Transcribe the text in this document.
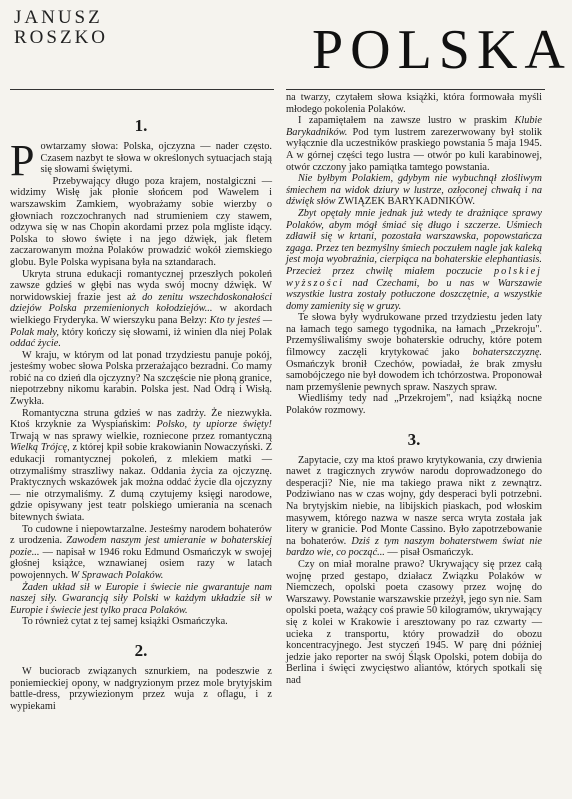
JANUSZ
ROSZKO	POLSKA
1.

Powtarzamy słowa: Polska, ojczyzna — nader często. Czasem nazbyt te słowa w określonych sytuacjach stają się słowami świętymi.

Przebywający długo poza krajem, nostalgiczni — widzimy Wisłę jak płonie słońcem pod Wawelem i warszawskim Zamkiem, wyobrażamy sobie wierzby o głowniach rozczochranych nad strumieniem czy stawem, odzywa się w nas Chopin akordami przez pola mgliste idący. Polska to słowo święte i na jego dźwięk, jak fletem zaczarowanym można Polaków prowadzić wokół ziemskiego globu. Byle Polska wypisana była na sztandarach.

Ukryta struna edukacji romantycznej przeszłych pokoleń zawsze gdzieś w głębi nas wyda swój mocny dźwięk. W norwidowskiej frazie jest aż do zenitu wszechdoskonałości dziejów Polska przemienionych kołodziejów... w akordach wielkiego Fryderyka. W wierszyku pana Bełzy: Kto ty jesteś — Polak mały, który kończy się słowami, iż winien dla niej Polak oddać życie.

W kraju, w którym od lat ponad trzydziestu panuje pokój, jesteśmy wobec słowa Polska przerażająco bezradni. Co mamy robić na co dzień dla ojczyzny? Na szczęście nie płoną granice, niepotrzebny nikomu karabin. Polska jest. Nad Odrą i Wisłą. Zwykła.

Romantyczna struna gdzieś w nas zadrży. Że niezwykła. Ktoś krzyknie za Wyspiańskim: Polsko, ty upiorze święty! Trwają w nas sprawy wielkie, rozniecone przez romantyczną Wielką Trójcę, z której kpił sobie krakowianin Nowaczyński. Z edukacji romantycznej pokoleń, z mlekiem matki — otrzymaliśmy straszliwy nakaz. Oddania życia za ojczyznę. Praktycznych wskazówek jak można oddać życie dla ojczyzny — nie otrzymaliśmy. Z dumą czytujemy księgi narodowe, gdzie opisywany jest teatr polskiego umierania na scenach bitewnych świata.

To cudowne i niepowtarzalne. Jesteśmy narodem bohaterów z urodzenia. Zawodem naszym jest umieranie w bohaterskiej pozie... — napisał w 1946 roku Edmund Osmańczyk w swojej głośnej książce, wznawianej osiem razy w latach powojennych. W Sprawach Polaków.

Żaden układ sił w Europie i świecie nie gwarantuje nam naszej siły. Gwarancją siły Polski w każdym układzie sił w Europie i świecie jest tylko praca Polaków.

To również cytat z tej samej książki Osmańczyka.

2.

W bucioracb związanych sznurkiem, na podeszwie z poniemieckiej opony, w nadgryzionym przez mole brytyjskim battle-dress, przywiezionym przez wuja z oflagu, i z wypiekami

na twarzy, czytałem słowa książki, która formowała myśli młodego pokolenia Polaków.

I zapamiętałem na zawsze lustro w praskim Klubie Barykadników. Pod tym lustrem zarezerwowany był stolik wyłącznie dla uczestników praskiego powstania 5 maja 1945. A w górnej części tego lustra — otwór po kuli karabinowej, otwór czczony jako pamiątka tamtego powstania.

Nie byłbym Polakiem, gdybym nie wybuchnął złośliwym śmiechem na widok dziury w lustrze, ozłoconej chwałą i na dźwięk słów ZWIĄZEK BARYKADNIKÓW.

Zbyt opętały mnie jednak już wtedy te drażniące sprawy Polaków, abym mógł śmiać się długo i szczerze. Uśmiech zdławił się w krtani, pozostała warszawska, popowstańcza zgaga. Przez ten bezmyślny śmiech poczułem nagle jak kaleką jest moja wyobraźnia, cierpiąca na bohaterskie elephantiasis. Przecież przez chwilę miałem poczucie polskiej wyższości nad Czechami, bo u nas w Warszawie wszystkie lustra zostały potłuczone doszczętnie, a wszystkie domy zamienity się w gruzy.

Te słowa były wydrukowane przed trzydziestu jeden laty na łamach tego samego tygodnika, na łamach „Przekroju". Przemyśliwaliśmy swoje bohaterskie odruchy, które potem filmowcy zaczęli krytykować jako bohaterszczyznę. Osmańczyk bronił Czechów, powiadał, że brak zmysłu samobójczego nie był dowodem ich tchórzostwa. Proponował nam przemyślenie pewnych spraw. Naszych spraw.

Wiedliśmy tedy nad „Przekrojem", nad książką nocne Polaków rozmowy.

3.

Zapytacie, czy ma ktoś prawo krytykowania, czy drwienia nawet z tragicznych zrywów narodu doprowadzonego do desperacji? Nie, nie ma takiego prawa nikt z zewnątrz. Podziwiano nas w czas wojny, gdy desperaci byli potrzebni. Na brytyjskim niebie, na libijskich piaskach, pod włoskim masywem, którego nazwa w nasze serca wryta została jak litery w granicie. Pod Monte Cassino. Było zapotrzebowanie na bohaterów. Dziś z tym naszym bohaterstwem świat nie bardzo wie, co począć... — pisał Osmańczyk.

Czy on miał moralne prawo? Ukrywający się przez całą wojnę przed gestapo, działacz Związku Polaków w Niemczech, opolski poeta czasowy przez wojnę do Warszawy. Powstanie warszawskie przeżył, jego syn nie. Sam opolski poeta, ważący coś prawie 50 kilogramów, ukrywający się z kolei w Krakowie i aresztowany po raz czwarty — ucieka z transportu, który prowadził do obozu koncentracyjnego. Jest styczeń 1945. W parę dni później jedzie jako reporter na swój Śląsk Opolski, potem dobija do Berlina i święci zwycięstwo aliantów, których spotkali się nad
